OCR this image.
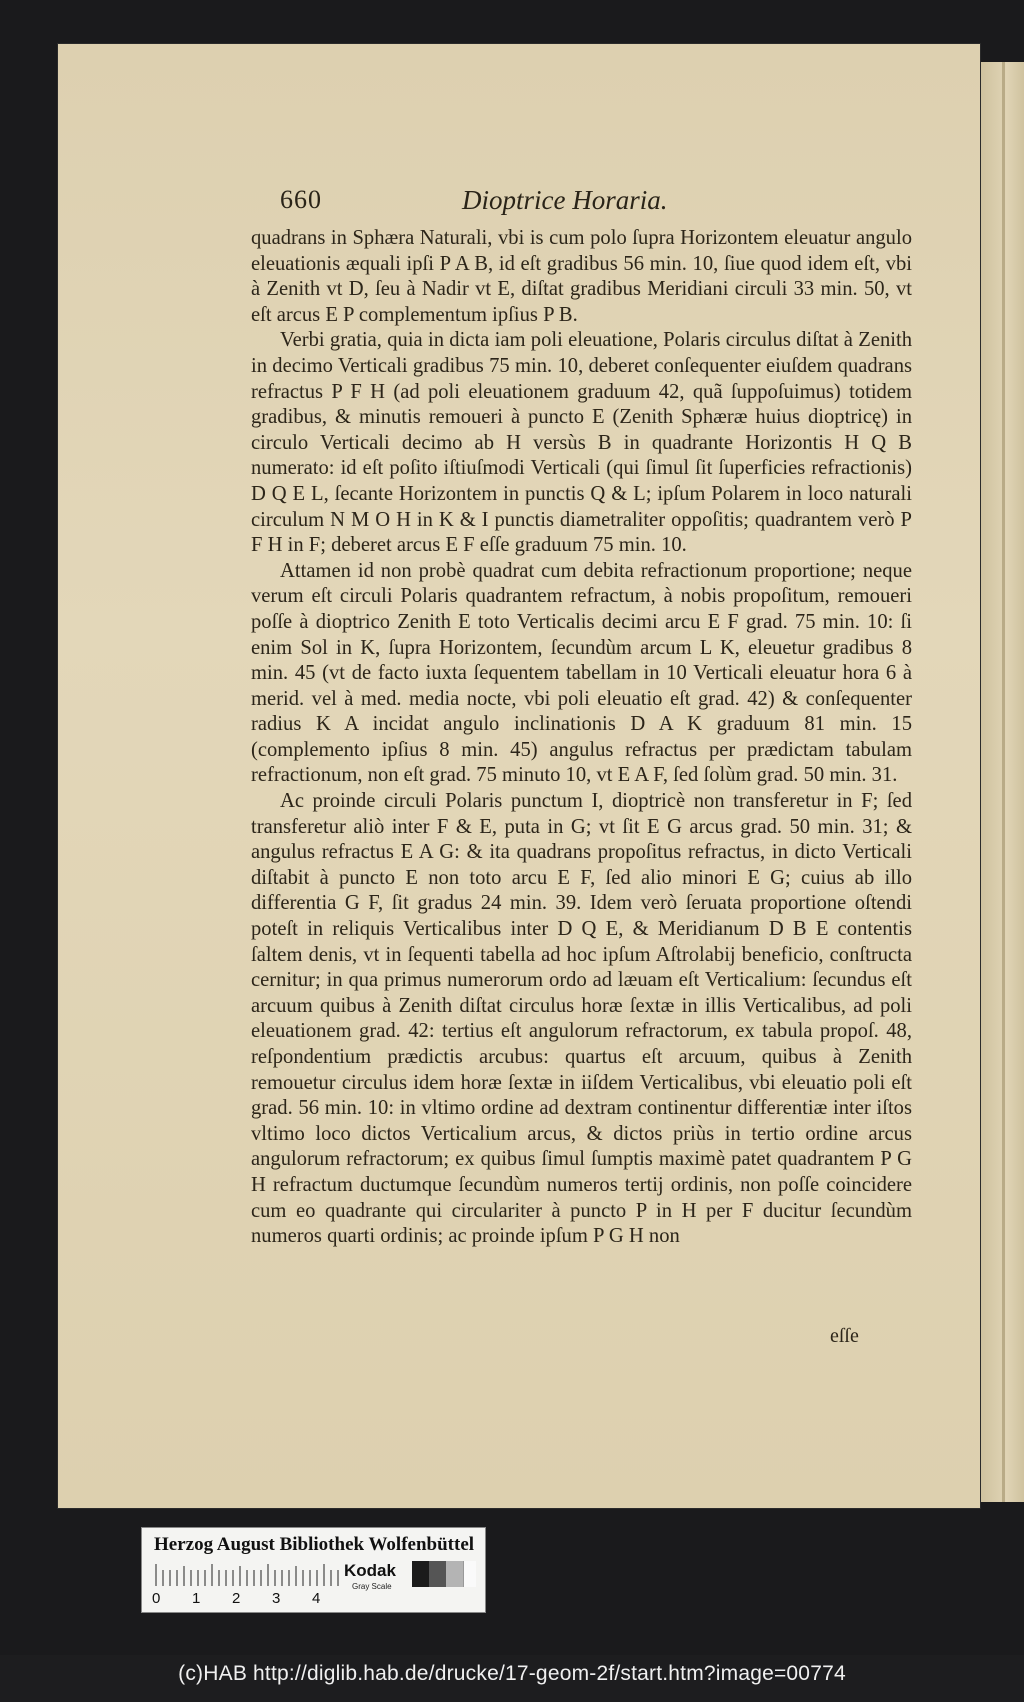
660	Dioptrice Horaria.

quadrans in Sphæra Naturali, vbi is cum polo ſupra Horizontem eleuatur angulo eleuationis æquali ipſi P A B, id eſt gradibus 56 min. 10, ſiue quod idem eſt, vbi à Zenith vt D, ſeu à Nadir vt E, diſtat gradibus Meridiani circuli 33 min. 50, vt eſt arcus E P complementum ipſius P B.

Verbi gratia, quia in dicta iam poli eleuatione, Polaris circulus diſtat à Zenith in decimo Verticali gradibus 75 min. 10, deberet conſequenter eiuſdem quadrans refractus P F H (ad poli eleuationem graduum 42, quã ſuppoſuimus) totidem gradibus, & minutis remoueri à puncto E (Zenith Sphæræ huius dioptricę) in circulo Verticali decimo ab H versùs B in quadrante Horizontis H Q B numerato: id eſt poſito iſtiuſmodi Verticali (qui ſimul ſit ſuperficies refractionis) D Q E L, ſecante Horizontem in punctis Q & L; ipſum Polarem in loco naturali circulum N M O H in K & I punctis diametraliter oppoſitis; quadrantem verò P F H in F; deberet arcus E F eſſe graduum 75 min. 10.

Attamen id non probè quadrat cum debita refractionum proportione; neque verum eſt circuli Polaris quadrantem refractum, à nobis propoſitum, remoueri poſſe à dioptrico Zenith E toto Verticalis decimi arcu E F grad. 75 min. 10: ſi enim Sol in K, ſupra Horizontem, ſecundùm arcum L K, eleuetur gradibus 8 min. 45 (vt de facto iuxta ſequentem tabellam in 10 Verticali eleuatur hora 6 à merid. vel à med. media nocte, vbi poli eleuatio eſt grad. 42) & conſequenter radius K A incidat angulo inclinationis D A K graduum 81 min. 15 (complemento ipſius 8 min. 45) angulus refractus per prædictam tabulam refractionum, non eſt grad. 75 minuto 10, vt E A F, ſed ſolùm grad. 50 min. 31.

Ac proinde circuli Polaris punctum I, dioptricè non transferetur in F; ſed transferetur aliò inter F & E, puta in G; vt ſit E G arcus grad. 50 min. 31; & angulus refractus E A G: & ita quadrans propoſitus refractus, in dicto Verticali diſtabit à puncto E non toto arcu E F, ſed alio minori E G; cuius ab illo differentia G F, ſit gradus 24 min. 39. Idem verò ſeruata proportione oſtendi poteſt in reliquis Verticalibus inter D Q E, & Meridianum D B E contentis ſaltem denis, vt in ſequenti tabella ad hoc ipſum Aſtrolabij beneficio, conſtructa cernitur; in qua primus numerorum ordo ad læuam eſt Verticalium: ſecundus eſt arcuum quibus à Zenith diſtat circulus horæ ſextæ in illis Verticalibus, ad poli eleuationem grad. 42: tertius eſt angulorum refractorum, ex tabula propoſ. 48, reſpondentium prædictis arcubus: quartus eſt arcuum, quibus à Zenith remouetur circulus idem horæ ſextæ in iiſdem Verticalibus, vbi eleuatio poli eſt grad. 56 min. 10: in vltimo ordine ad dextram continentur differentiæ inter iſtos vltimo loco dictos Verticalium arcus, & dictos priùs in tertio ordine arcus angulorum refractorum; ex quibus ſimul ſumptis maximè patet quadrantem P G H refractum ductumque ſecundùm numeros tertij ordinis, non poſſe coincidere cum eo quadrante qui circulariter à puncto P in H per F ducitur ſecundùm numeros quarti ordinis; ac proinde ipſum P G H non

eſſe
Herzog August Bibliothek Wolfenbüttel
Kodak
Gray Scale
0 1 2 3 4
(c)HAB http://diglib.hab.de/drucke/17-geom-2f/start.htm?image=00774
